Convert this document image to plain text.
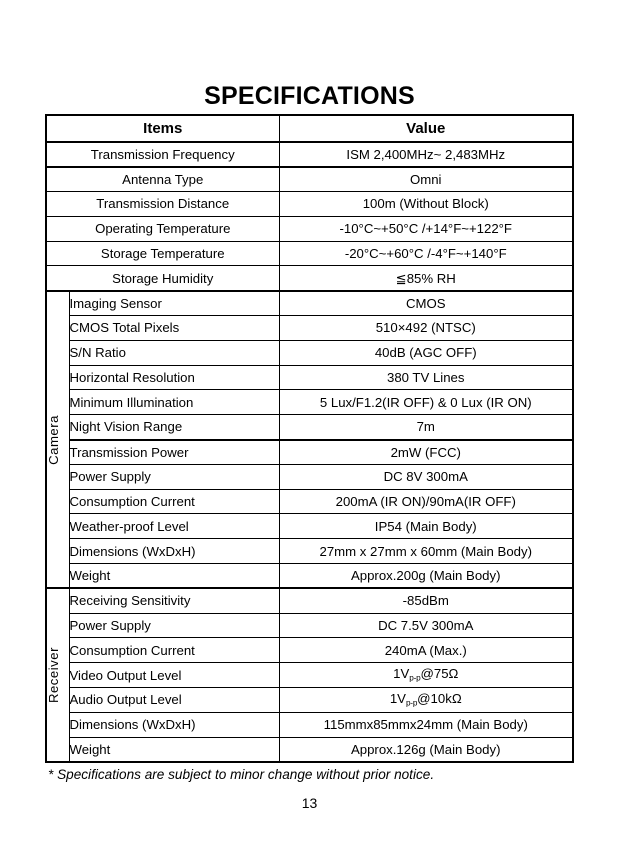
SPECIFICATIONS
Items		Value
Transmission Frequency		ISM 2,400MHz~ 2,483MHz
Antenna Type		Omni
Transmission Distance		100m (Without Block)
Operating Temperature		-10°C~+50°C /+14°F~+122°F
Storage Temperature		-20°C~+60°C /-4°F~+140°F
Storage Humidity		≦85% RH

Camera	Imaging Sensor	CMOS
	CMOS Total Pixels	510×492 (NTSC)
	S/N Ratio	40dB (AGC OFF)
	Horizontal Resolution	380 TV Lines
	Minimum Illumination	5 Lux/F1.2(IR OFF) & 0 Lux (IR ON)
	Night Vision Range	7m
	Transmission Power	2mW (FCC)
	Power Supply	DC 8V 300mA
	Consumption Current	200mA (IR ON)/90mA(IR OFF)
	Weather-proof Level	IP54 (Main Body)
	Dimensions (WxDxH)	27mm x 27mm x 60mm (Main Body)
	Weight	Approx.200g (Main Body)

Receiver	Receiving Sensitivity	-85dBm
	Power Supply	DC 7.5V 300mA
	Consumption Current	240mA (Max.)
	Video Output Level	$1V_{p-p}@75\Omega$
	Audio Output Level	$1V_{p-p}@10k\Omega$
	Dimensions (WxDxH)	115mmx85mmx24mm (Main Body)
	Weight	Approx.126g (Main Body)
* Specifications are subject to minor change without prior notice.
13
